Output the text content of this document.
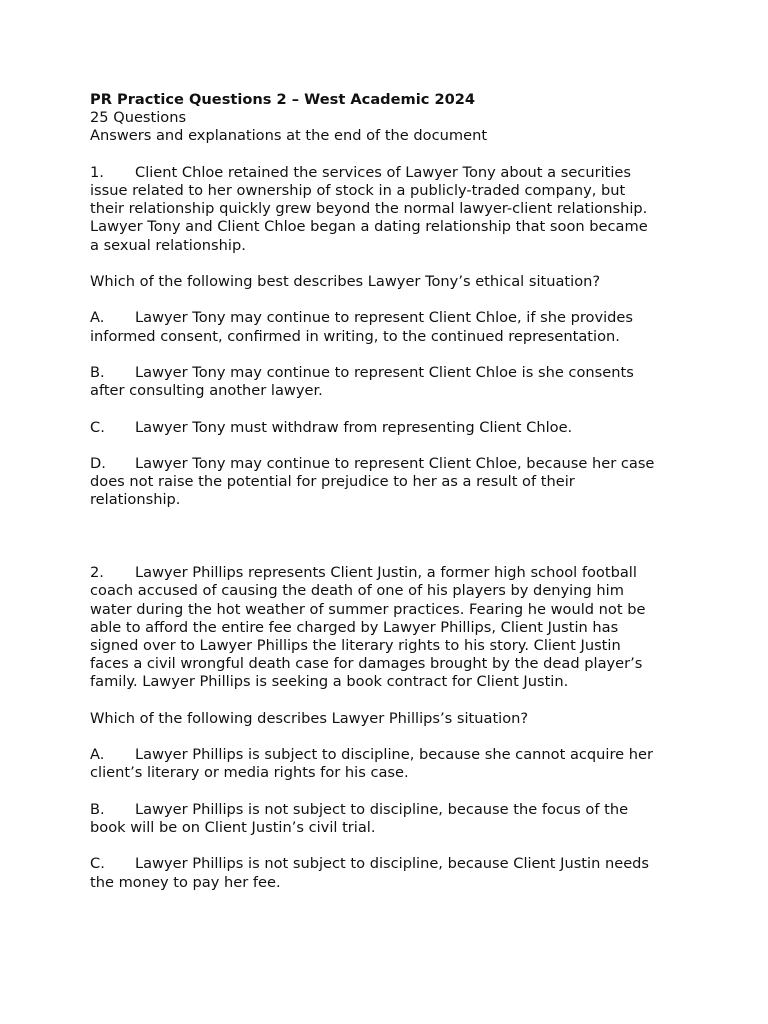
PR Practice Questions 2 – West Academic 2024

25 Questions

Answers and explanations at the end of the document

1. Client Chloe retained the services of Lawyer Tony about a securities

issue related to her ownership of stock in a publicly-traded company, but

their relationship quickly grew beyond the normal lawyer-client relationship.

Lawyer Tony and Client Chloe began a dating relationship that soon became

a sexual relationship.

Which of the following best describes Lawyer Tony’s ethical situation?

A. Lawyer Tony may continue to represent Client Chloe, if she provides

informed consent, confirmed in writing, to the continued representation.

B. Lawyer Tony may continue to represent Client Chloe is she consents

after consulting another lawyer.

C. Lawyer Tony must withdraw from representing Client Chloe.

D. Lawyer Tony may continue to represent Client Chloe, because her case

does not raise the potential for prejudice to her as a result of their

relationship.

2. Lawyer Phillips represents Client Justin, a former high school football

coach accused of causing the death of one of his players by denying him

water during the hot weather of summer practices. Fearing he would not be

able to afford the entire fee charged by Lawyer Phillips, Client Justin has

signed over to Lawyer Phillips the literary rights to his story. Client Justin

faces a civil wrongful death case for damages brought by the dead player’s

family. Lawyer Phillips is seeking a book contract for Client Justin.

Which of the following describes Lawyer Phillips’s situation?

A. Lawyer Phillips is subject to discipline, because she cannot acquire her

client’s literary or media rights for his case.

B. Lawyer Phillips is not subject to discipline, because the focus of the

book will be on Client Justin’s civil trial.

C. Lawyer Phillips is not subject to discipline, because Client Justin needs

the money to pay her fee.
